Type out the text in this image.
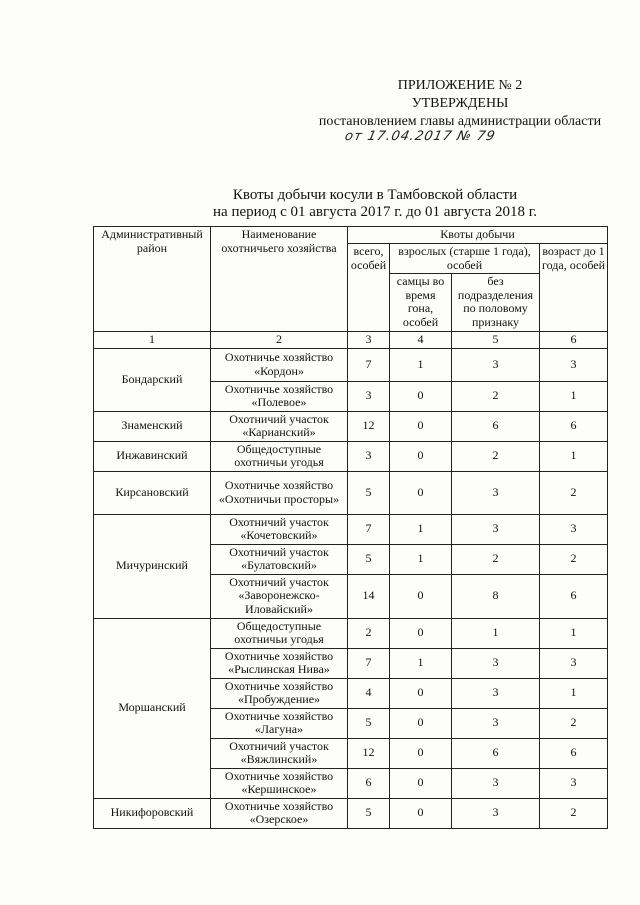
ПРИЛОЖЕНИЕ № 2
УТВЕРЖДЕНЫ
постановлением главы администрации области
от 17.04.2017 № 79
Квоты добычи косули в Тамбовской области
на период с 01 августа 2017 г. до 01 августа 2018 г.
Административный район	Наименование охотничьего хозяйства	Квоты добычи			
		всего, особей	взрослых (старше 1 года), особей		возраст до 1 года, особей
			самцы во время гона, особей	без подразделения по половому признаку	
1	2	3	4	5	6
Бондарский	Охотничье хозяйство «Кордон»	7	1	3	3
	Охотничье хозяйство «Полевое»	3	0	2	1
Знаменский	Охотничий участок «Карианский»	12	0	6	6
Инжавинский	Общедоступные охотничьи угодья	3	0	2	1
Кирсановский	Охотничье хозяйство «Охотничьи просторы»	5	0	3	2
Мичуринский	Охотничий участок «Кочетовский»	7	1	3	3
	Охотничий участок «Булатовский»	5	1	2	2
	Охотничий участок «Заворонежско-Иловайский»	14	0	8	6
Моршанский	Общедоступные охотничьи угодья	2	0	1	1
	Охотничье хозяйство «Рыслинская Нива»	7	1	3	3
	Охотничье хозяйство «Пробуждение»	4	0	3	1
	Охотничье хозяйство «Лагуна»	5	0	3	2
	Охотничий участок «Вяжлинский»	12	0	6	6
	Охотничье хозяйство «Кершинское»	6	0	3	3
Никифоровский	Охотничье хозяйство «Озерское»	5	0	3	2
